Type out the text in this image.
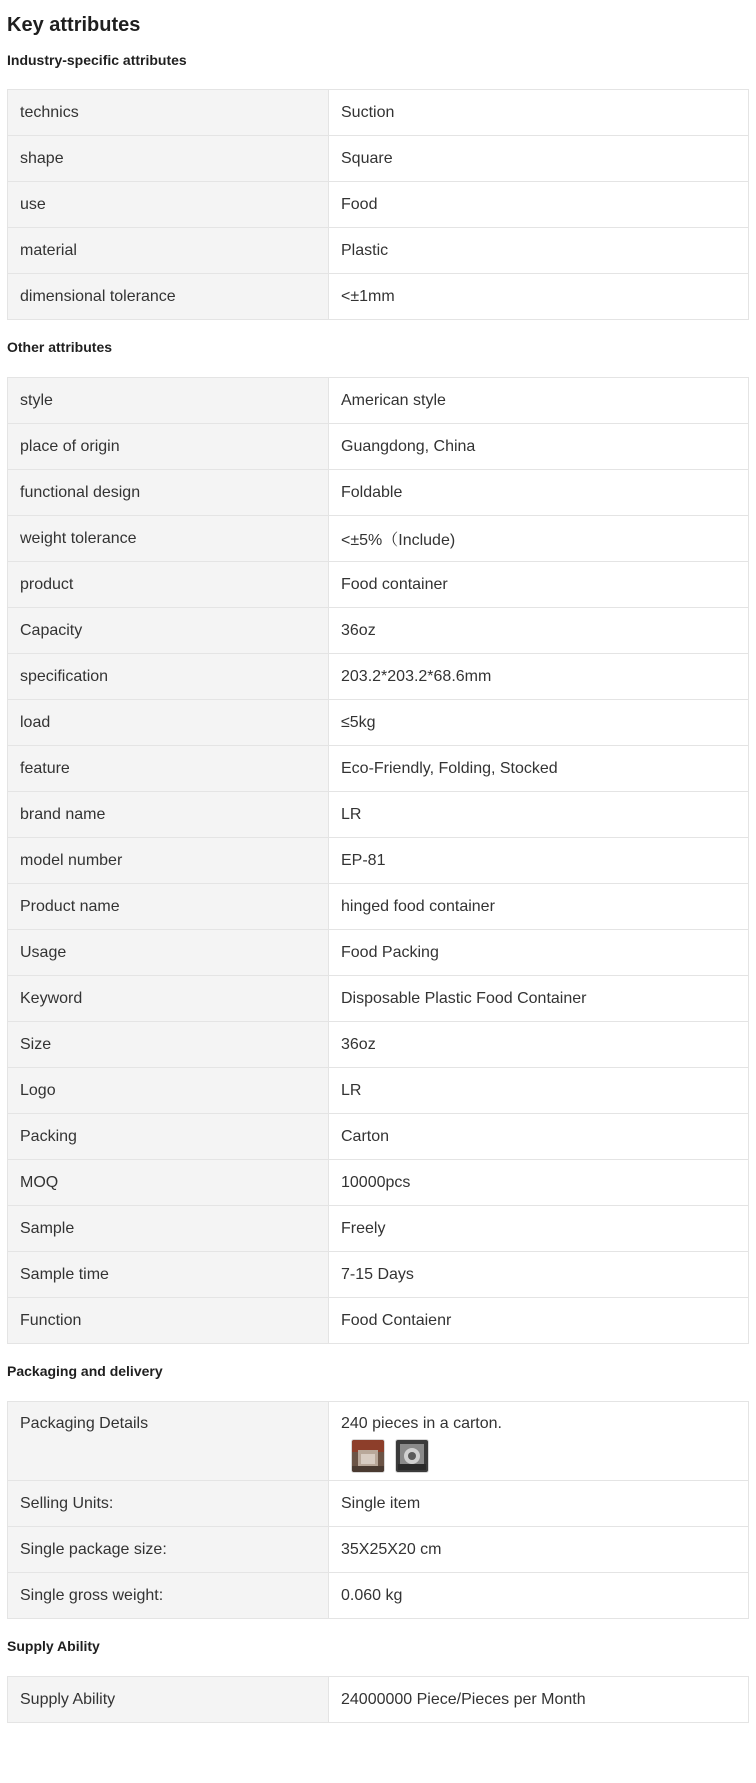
Key attributes
Industry-specific attributes
technics	Suction
shape	Square
use	Food
material	Plastic
dimensional tolerance	<±1mm
Other attributes
style	American style
place of origin	Guangdong, China
functional design	Foldable
weight tolerance	<±5%（Include)
product	Food container
Capacity	36oz
specification	203.2*203.2*68.6mm
load	≤5kg
feature	Eco-Friendly, Folding, Stocked
brand name	LR
model number	EP-81
Product name	hinged food container
Usage	Food Packing
Keyword	Disposable Plastic Food Container
Size	36oz
Logo	LR
Packing	Carton
MOQ	10000pcs
Sample	Freely
Sample time	7-15 Days
Function	Food Contaienr
Packaging and delivery
Packaging Details	240 pieces in a carton.

Selling Units:	Single item
Single package size:	35X25X20 cm
Single gross weight:	0.060 kg
Supply Ability
Supply Ability	24000000 Piece/Pieces per Month
